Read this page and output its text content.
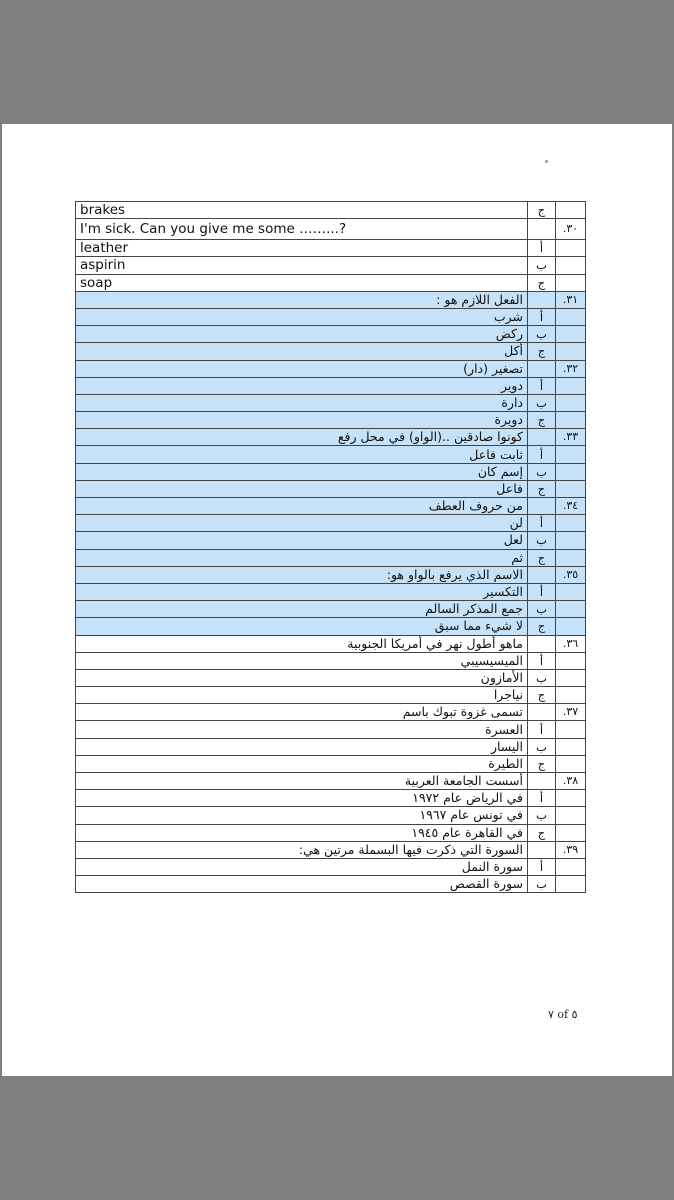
	ج	brakes
٣٠.		I'm sick. Can you give me some ……...?
	أ	leather
	ب	aspirin
	ج	soap
٣١.		الفعل اللازم هو :
	أ	شرب
	ب	ركض
	ج	أكل
٣٢.		تصغير (دار)
	أ	دوير
	ب	دارة
	ج	دويرة
٣٣.		كونوا صادقين ..(الواو) في محل رفع
	أ	ثابت فاعل
	ب	إسم كان
	ج	فاعل
٣٤.		من حروف العطف
	أ	لن
	ب	لعل
	ج	ثم
٣٥.		الاسم الذي يرفع بالواو هو:
	أ	التكسير
	ب	جمع المذكر السالم
	ج	لا شيء مما سبق
٣٦.		ماهو أطول نهر في أمريكا الجنوبية
	أ	الميسيسيبي
	ب	الأمازون
	ج	نياجرا
٣٧.		تسمى غزوة تبوك باسم
	أ	العسرة
	ب	اليسار
	ج	الطيرة
٣٨.		أسست الجامعة العربية
	أ	في الرياض عام ١٩٧٢
	ب	في تونس عام ١٩٦٧
	ج	في القاهرة عام ١٩٤٥
٣٩.		السورة التي ذكرت فيها البسملة مرتين هي:
	أ	سورة النمل
	ب	سورة القصص
٧ of ٥
